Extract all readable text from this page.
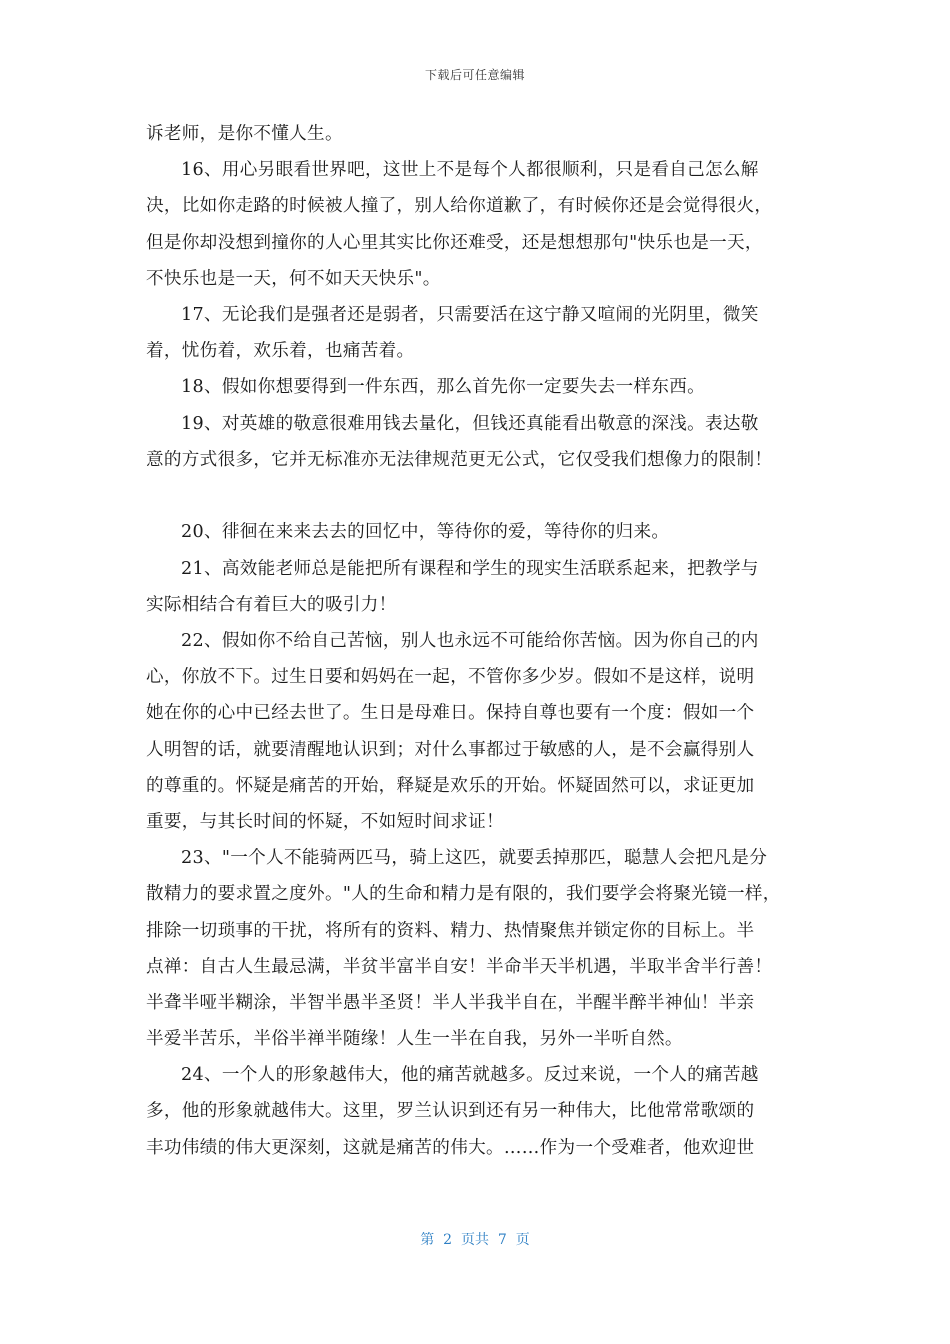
下载后可任意编辑
诉老师，是你不懂人生。
16、用心另眼看世界吧，这世上不是每个人都很顺利，只是看自己怎么解
决，比如你走路的时候被人撞了，别人给你道歉了，有时候你还是会觉得很火，
但是你却没想到撞你的人心里其实比你还难受，还是想想那句"快乐也是一天，
不快乐也是一天，何不如天天快乐"。
17、无论我们是强者还是弱者，只需要活在这宁静又喧闹的光阴里，微笑
着，忧伤着，欢乐着，也痛苦着。
18、假如你想要得到一件东西，那么首先你一定要失去一样东西。
19、对英雄的敬意很难用钱去量化，但钱还真能看出敬意的深浅。表达敬
意的方式很多，它并无标准亦无法律规范更无公式，它仅受我们想像力的限制！
20、徘徊在来来去去的回忆中，等待你的爱，等待你的归来。
21、高效能老师总是能把所有课程和学生的现实生活联系起来，把教学与
实际相结合有着巨大的吸引力！
22、假如你不给自己苦恼，别人也永远不可能给你苦恼。因为你自己的内
心，你放不下。过生日要和妈妈在一起，不管你多少岁。假如不是这样，说明
她在你的心中已经去世了。生日是母难日。保持自尊也要有一个度：假如一个
人明智的话，就要清醒地认识到；对什么事都过于敏感的人，是不会赢得别人
的尊重的。怀疑是痛苦的开始，释疑是欢乐的开始。怀疑固然可以，求证更加
重要，与其长时间的怀疑，不如短时间求证！
23、"一个人不能骑两匹马，骑上这匹，就要丢掉那匹，聪慧人会把凡是分
散精力的要求置之度外。"人的生命和精力是有限的，我们要学会将聚光镜一样，
排除一切琐事的干扰，将所有的资料、精力、热情聚焦并锁定你的目标上。半
点禅：自古人生最忌满，半贫半富半自安！半命半天半机遇，半取半舍半行善！
半聋半哑半糊涂，半智半愚半圣贤！半人半我半自在，半醒半醉半神仙！半亲
半爱半苦乐，半俗半禅半随缘！人生一半在自我，另外一半听自然。
24、一个人的形象越伟大，他的痛苦就越多。反过来说，一个人的痛苦越
多，他的形象就越伟大。这里，罗兰认识到还有另一种伟大，比他常常歌颂的
丰功伟绩的伟大更深刻，这就是痛苦的伟大。……作为一个受难者，他欢迎世
第  2  页共  7  页
